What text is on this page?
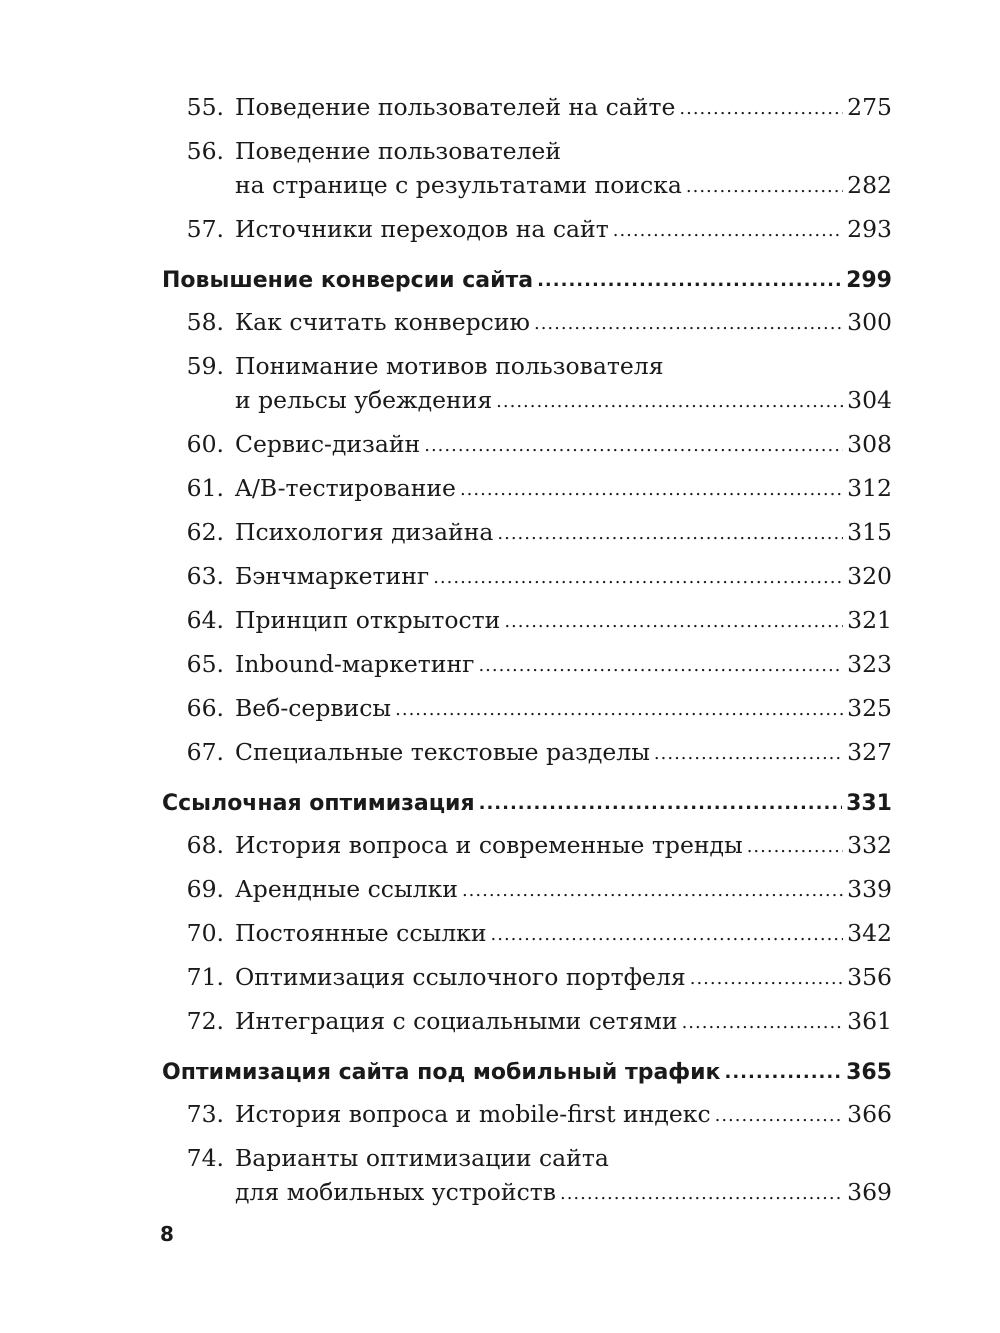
55. Поведение пользователей на сайте .....	275
56. Поведение пользователей
на странице с результатами поиска .....	282
57. Источники переходов на сайт .....	293
Повышение конверсии сайта .....	299
58. Как считать конверсию .....	300
59. Понимание мотивов пользователя
и рельсы убеждения .....	304
60. Сервис-дизайн .....	308
61. A/B-тестирование .....	312
62. Психология дизайна .....	315
63. Бэнчмаркетинг .....	320
64. Принцип открытости .....	321
65. Inbound-маркетинг .....	323
66. Веб-сервисы .....	325
67. Специальные текстовые разделы .....	327
Ссылочная оптимизация .....	331
68. История вопроса и современные тренды .....	332
69. Арендные ссылки .....	339
70. Постоянные ссылки .....	342
71. Оптимизация ссылочного портфеля .....	356
72. Интеграция с социальными сетями .....	361
Оптимизация сайта под мобильный трафик .....	365
73. История вопроса и mobile-first индекс .....	366
74. Варианты оптимизации сайта
для мобильных устройств .....	369
8
